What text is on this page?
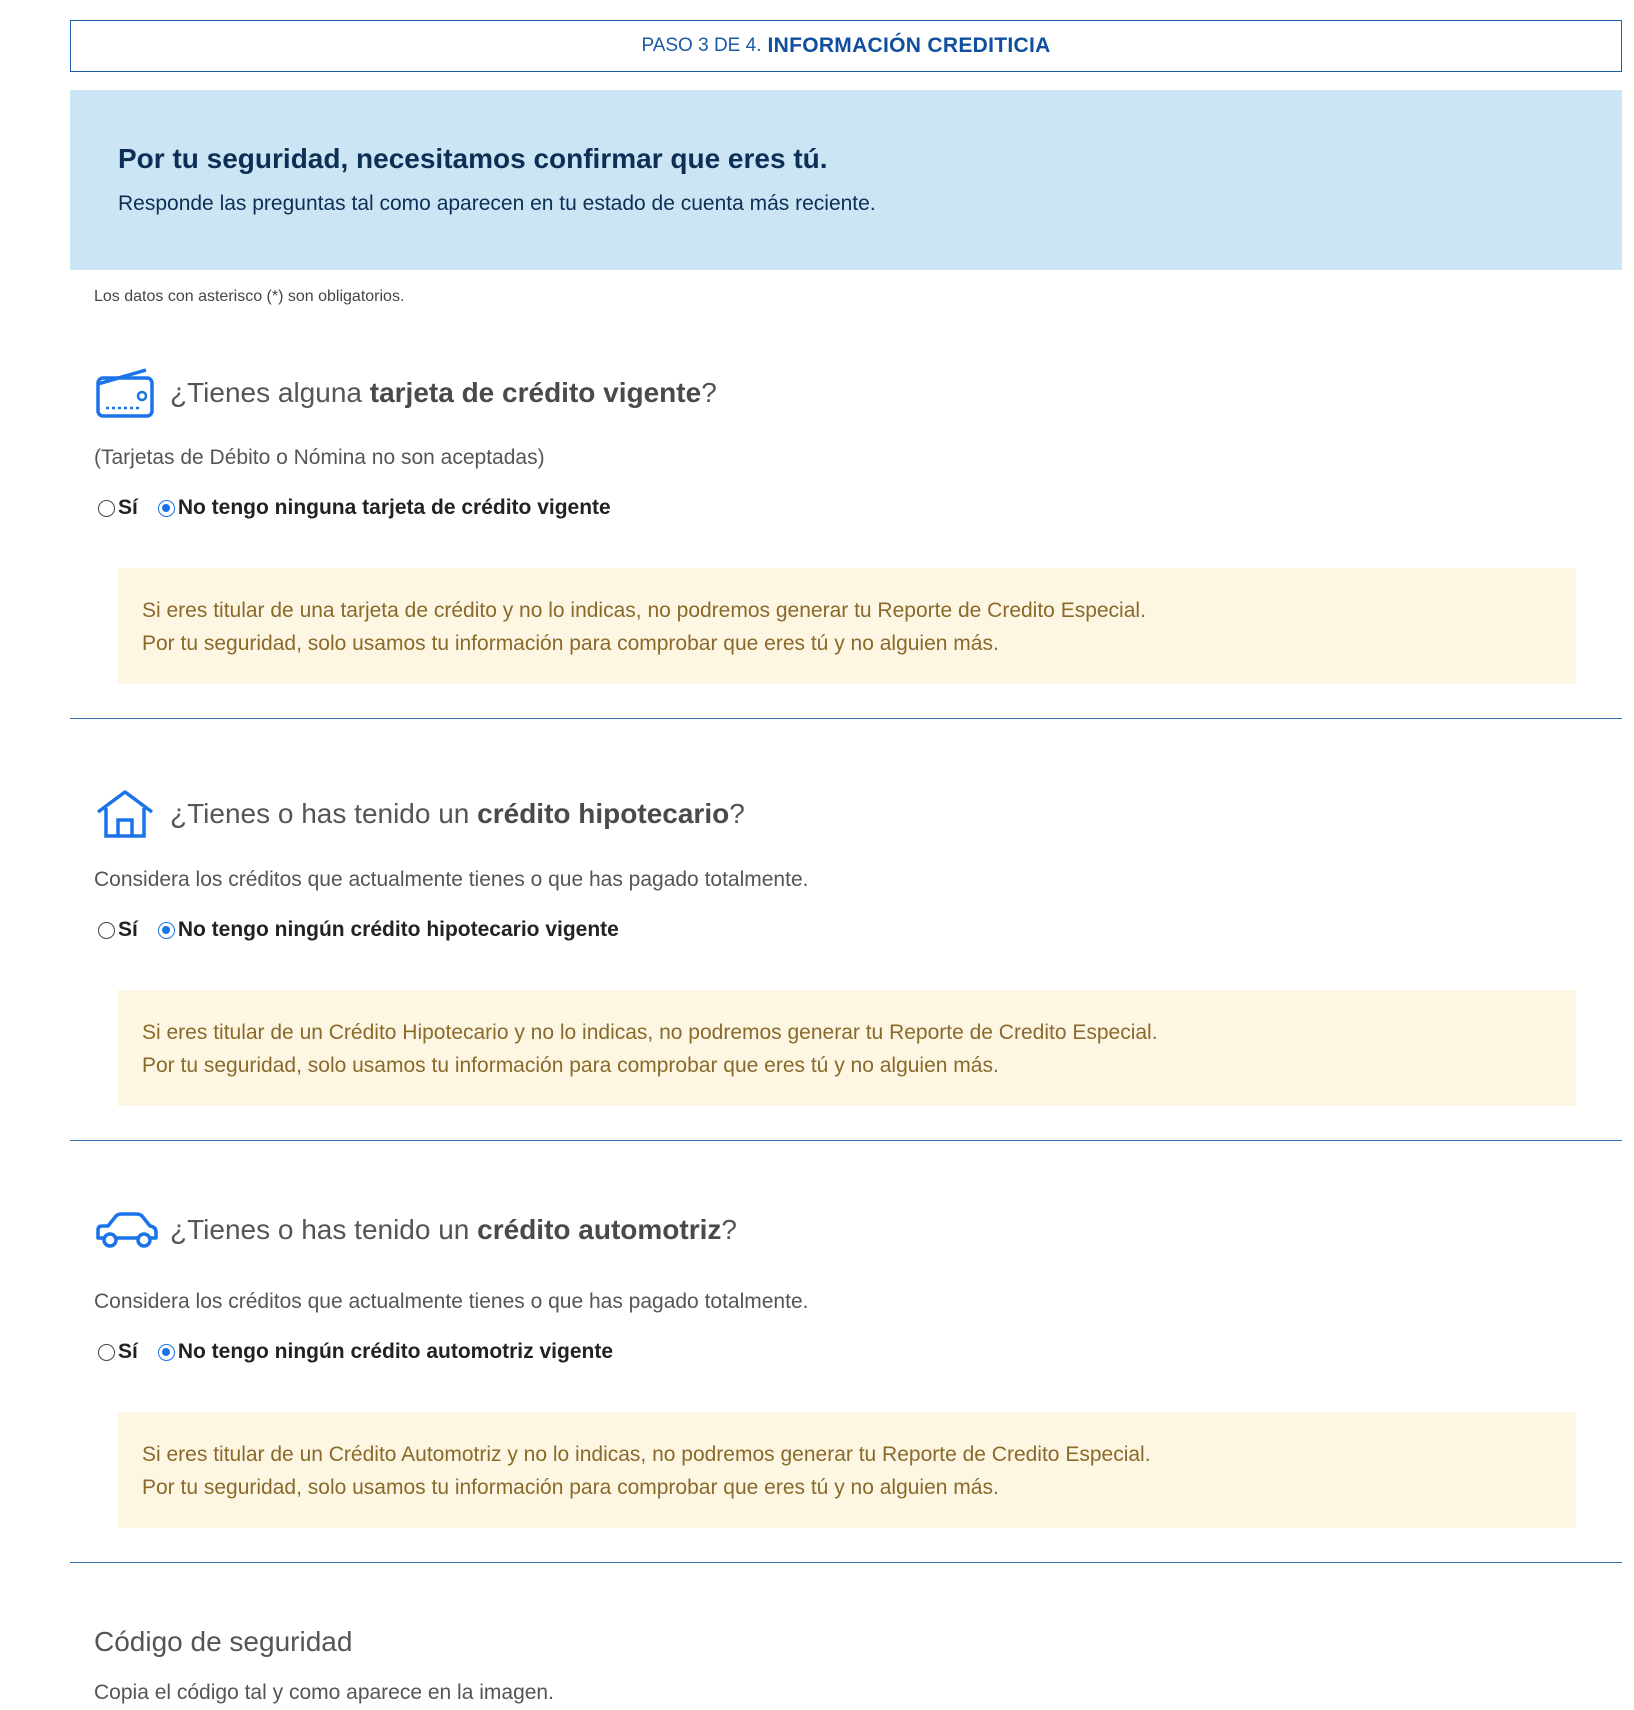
PASO 3 DE 4. INFORMACIÓN CREDITICIA

Por tu seguridad, necesitamos confirmar que eres tú.

Responde las preguntas tal como aparecen en tu estado de cuenta más reciente.
Los datos con asterisco (*) son obligatorios.
¿Tienes alguna tarjeta de crédito vigente?
(Tarjetas de Débito o Nómina no son aceptadas)
Sí No tengo ninguna tarjeta de crédito vigente
Si eres titular de una tarjeta de crédito y no lo indicas, no podremos generar tu Reporte de Credito Especial.
Por tu seguridad, solo usamos tu información para comprobar que eres tú y no alguien más.
¿Tienes o has tenido un crédito hipotecario?
Considera los créditos que actualmente tienes o que has pagado totalmente.
Sí No tengo ningún crédito hipotecario vigente
Si eres titular de un Crédito Hipotecario y no lo indicas, no podremos generar tu Reporte de Credito Especial.
Por tu seguridad, solo usamos tu información para comprobar que eres tú y no alguien más.
¿Tienes o has tenido un crédito automotriz?
Considera los créditos que actualmente tienes o que has pagado totalmente.
Sí No tengo ningún crédito automotriz vigente
Si eres titular de un Crédito Automotriz y no lo indicas, no podremos generar tu Reporte de Credito Especial.
Por tu seguridad, solo usamos tu información para comprobar que eres tú y no alguien más.
Código de seguridad
Copia el código tal y como aparece en la imagen.
